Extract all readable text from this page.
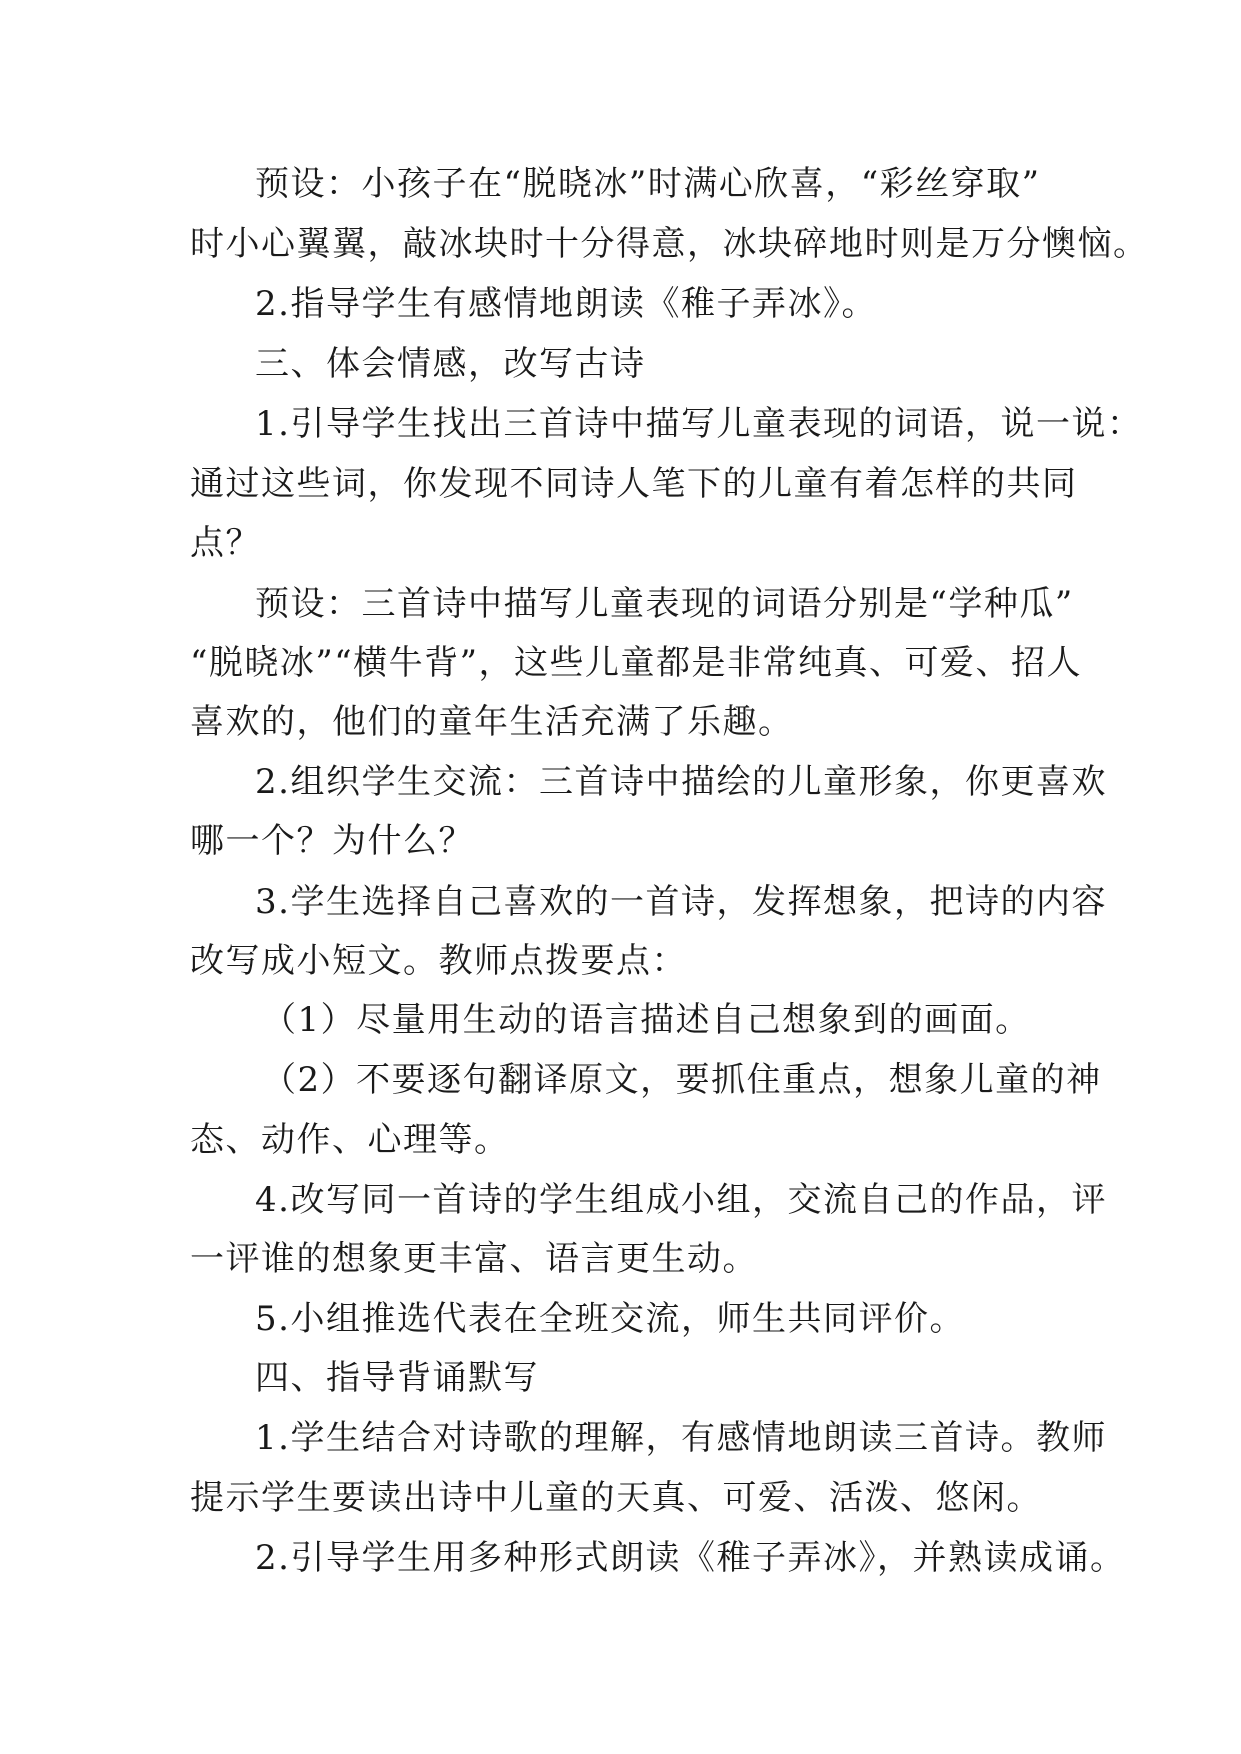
预设：小孩子在“脱晓冰”时满心欣喜，“彩丝穿取”
时小心翼翼，敲冰块时十分得意，冰块碎地时则是万分懊恼。
2.指导学生有感情地朗读《稚子弄冰》。
三、体会情感，改写古诗
1.引导学生找出三首诗中描写儿童表现的词语，说一说：
通过这些词，你发现不同诗人笔下的儿童有着怎样的共同
点？
预设：三首诗中描写儿童表现的词语分别是“学种瓜”
“脱晓冰”“横牛背”，这些儿童都是非常纯真、可爱、招人
喜欢的，他们的童年生活充满了乐趣。
2.组织学生交流：三首诗中描绘的儿童形象，你更喜欢
哪一个？为什么？
3.学生选择自己喜欢的一首诗，发挥想象，把诗的内容
改写成小短文。教师点拨要点：
（1）尽量用生动的语言描述自己想象到的画面。
（2）不要逐句翻译原文，要抓住重点，想象儿童的神
态、动作、心理等。
4.改写同一首诗的学生组成小组，交流自己的作品，评
一评谁的想象更丰富、语言更生动。
5.小组推选代表在全班交流，师生共同评价。
四、指导背诵默写
1.学生结合对诗歌的理解，有感情地朗读三首诗。教师
提示学生要读出诗中儿童的天真、可爱、活泼、悠闲。
2.引导学生用多种形式朗读《稚子弄冰》，并熟读成诵。
